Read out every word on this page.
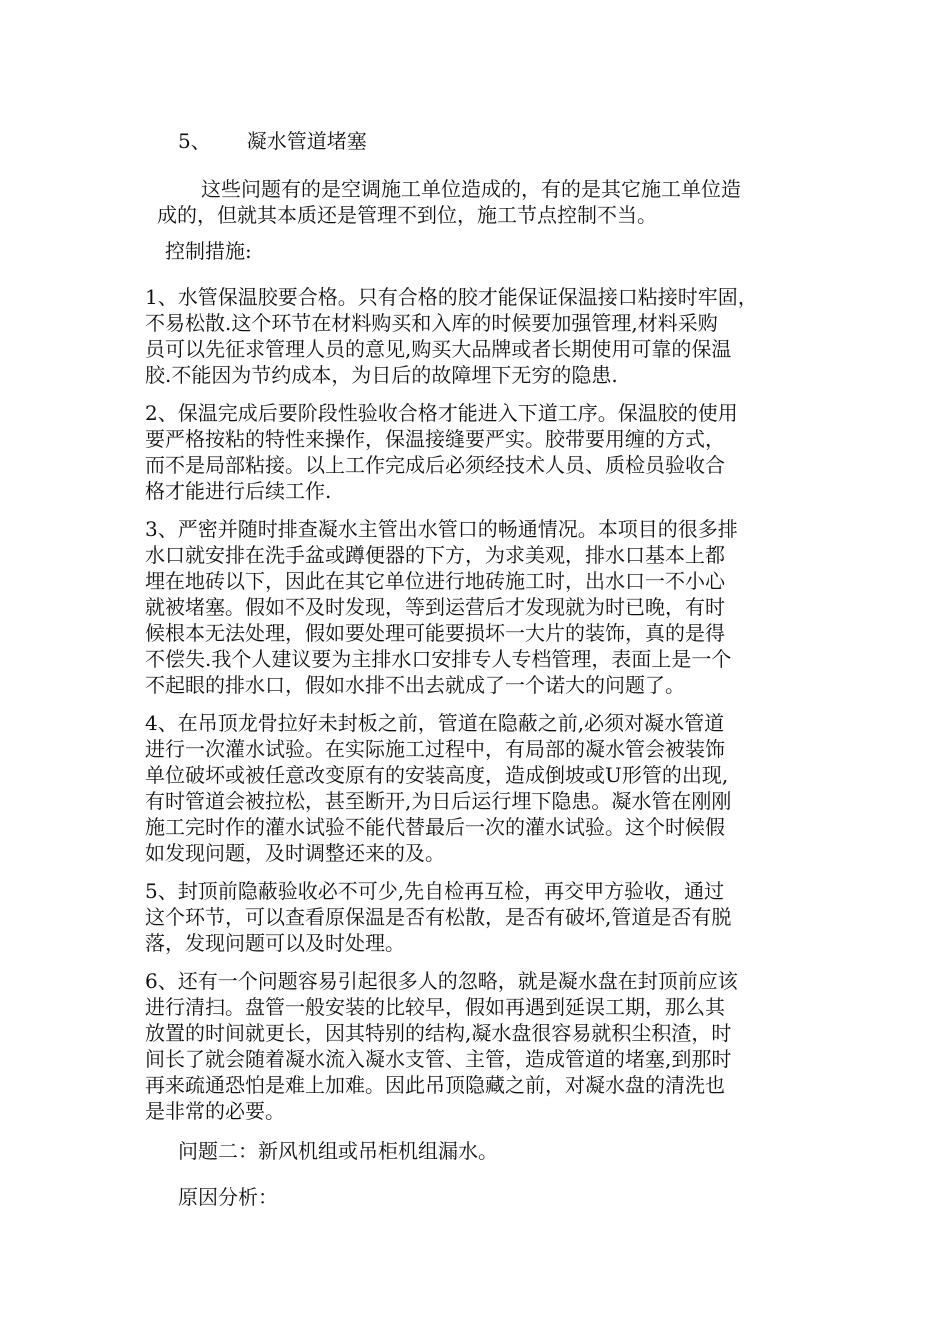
5、 凝水管道堵塞
这些问题有的是空调施工单位造成的，有的是其它施工单位造
成的，但就其本质还是管理不到位，施工节点控制不当。
控制措施:
1、水管保温胶要合格。只有合格的胶才能保证保温接口粘接时牢固，
不易松散.这个环节在材料购买和入库的时候要加强管理,材料采购
员可以先征求管理人员的意见,购买大品牌或者长期使用可靠的保温
胶.不能因为节约成本，为日后的故障埋下无穷的隐患.
2、保温完成后要阶段性验收合格才能进入下道工序。保温胶的使用
要严格按粘的特性来操作，保温接缝要严实。胶带要用缠的方式，
而不是局部粘接。以上工作完成后必须经技术人员、质检员验收合
格才能进行后续工作.
3、严密并随时排查凝水主管出水管口的畅通情况。本项目的很多排
水口就安排在洗手盆或蹲便器的下方，为求美观，排水口基本上都
埋在地砖以下，因此在其它单位进行地砖施工时，出水口一不小心
就被堵塞。假如不及时发现，等到运营后才发现就为时已晚，有时
候根本无法处理，假如要处理可能要损坏一大片的装饰，真的是得
不偿失.我个人建议要为主排水口安排专人专档管理，表面上是一个
不起眼的排水口，假如水排不出去就成了一个诺大的问题了。
4、在吊顶龙骨拉好未封板之前，管道在隐蔽之前,必须对凝水管道
进行一次灌水试验。在实际施工过程中，有局部的凝水管会被装饰
单位破坏或被任意改变原有的安装高度，造成倒坡或U形管的出现,
有时管道会被拉松，甚至断开,为日后运行埋下隐患。凝水管在刚刚
施工完时作的灌水试验不能代替最后一次的灌水试验。这个时候假
如发现问题，及时调整还来的及。
5、封顶前隐蔽验收必不可少,先自检再互检，再交甲方验收，通过
这个环节，可以查看原保温是否有松散，是否有破坏,管道是否有脱
落，发现问题可以及时处理。
6、还有一个问题容易引起很多人的忽略，就是凝水盘在封顶前应该
进行清扫。盘管一般安装的比较早，假如再遇到延误工期，那么其
放置的时间就更长，因其特别的结构,凝水盘很容易就积尘积渣，时
间长了就会随着凝水流入凝水支管、主管，造成管道的堵塞,到那时
再来疏通恐怕是难上加难。因此吊顶隐藏之前，对凝水盘的清洗也
是非常的必要。
问题二：新风机组或吊柜机组漏水。
原因分析：
